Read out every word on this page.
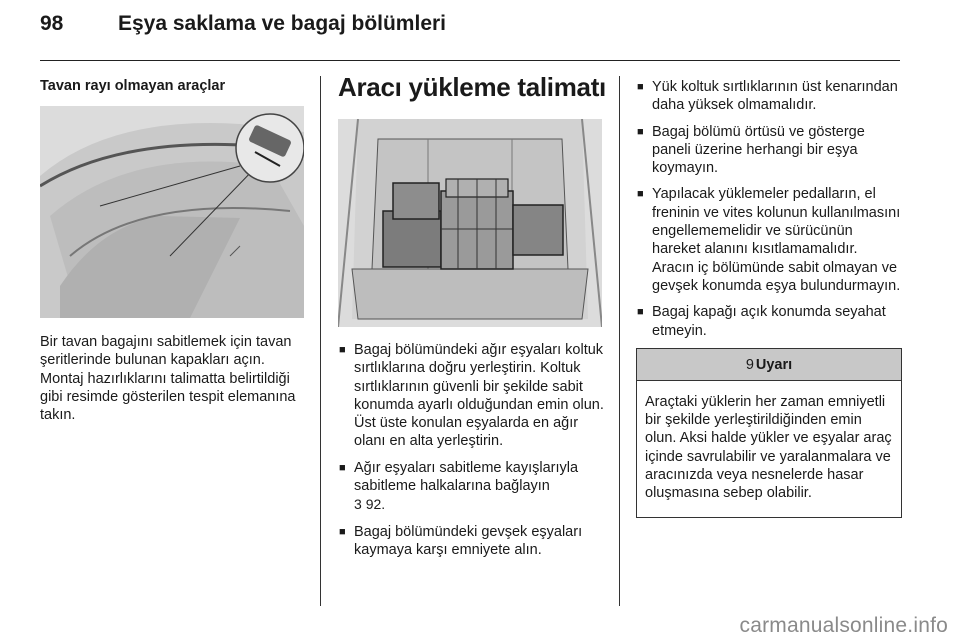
98	Eşya saklama ve bagaj bölümleri
Tavan rayı olmayan araçlar

Bir tavan bagajını sabitlemek için tavan şeritlerinde bulunan kapakları açın. Montaj hazırlıklarını talimatta belirtildiği gibi resimde gösterilen tespit elemanına takın.

Aracı yükleme talimatı
■ Bagaj bölümündeki ağır eşyaları koltuk sırtlıklarına doğru yerleştirin. Koltuk sırtlıklarının güvenli bir şekilde sabit konumda ayarlı olduğundan emin olun. Üst üste konulan eşyalarda en ağır olanı en alta yerleştirin.
■ Ağır eşyaları sabitleme kayışlarıyla sabitleme halkalarına bağlayın
3 92.
■ Bagaj bölümündeki gevşek eşyaları kaymaya karşı emniyete alın.
■ Yük koltuk sırtlıklarının üst kenarından daha yüksek olmamalıdır.
■ Bagaj bölümü örtüsü ve gösterge paneli üzerine herhangi bir eşya koymayın.
■ Yapılacak yüklemeler pedalların, el freninin ve vites kolunun kullanılmasını engellememelidir ve sürücünün hareket alanını kısıtlamamalıdır. Aracın iç bölümünde sabit olmayan ve gevşek konumda eşya bulundurmayın.
■ Bagaj kapağı açık konumda seyahat etmeyin.
9 Uyarı

Araçtaki yüklerin her zaman emniyetli bir şekilde yerleştirildiğinden emin olun. Aksi halde yükler ve eşyalar araç içinde savrulabilir ve yaralanmalara ve aracınızda veya nesnelerde hasar oluşmasına sebep olabilir.

carmanualsonline.info
